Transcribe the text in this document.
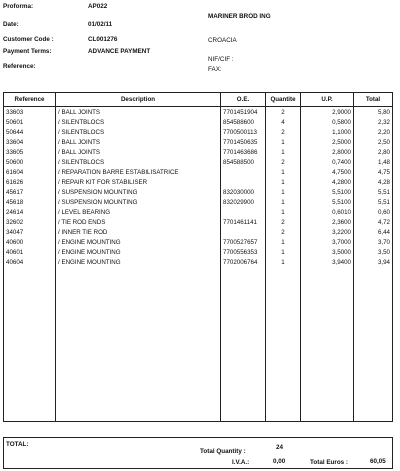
Proforma:	AP022
Date:	01/02/11
Customer Code :	CL001276
Payment Terms:	ADVANCE PAYMENT
Reference:
MARINER BROD ING
CROACIA
NIF/CIF :
FAX:
Reference	Description	O.E.	Quantite	U.P.	Total
33603	/ BALL JOINTS	7701451904	2	2,9000	5,80
50601	/ SILENTBLOCS	854588600	4	0,5800	2,32
50644	/ SILENTBLOCS	7700500113	2	1,1000	2,20
33604	/ BALL JOINTS	7701450635	1	2,5000	2,50
33605	/ BALL JOINTS	7701463686	1	2,8000	2,80
50600	/ SILENTBLOCS	854588500	2	0,7400	1,48
61604	/ REPARATION BARRE ESTABILISATRICE		1	4,7500	4,75
61626	/ REPAIR KIT FOR STABILISER		1	4,2800	4,28
45617	/ SUSPENSION MOUNTING	832030000	1	5,5100	5,51
45618	/ SUSPENSION MOUNTING	832029900	1	5,5100	5,51
24614	/ LEVEL BEARING		1	0,6010	0,60
32602	/ TIE ROD ENDS	7701461141	2	2,3600	4,72
34047	/ INNER TIE ROD		2	3,2200	6,44
40600	/ ENGINE MOUNTING	7700527657	1	3,7000	3,70
40601	/ ENGINE MOUNTING	7700556353	1	3,5000	3,50
40604	/ ENGINE MOUNTING	7702006764	1	3,9400	3,94

TOTAL:
Total Quantity :
24
I.V.A.:	0,00	Total Euros :	60,05
